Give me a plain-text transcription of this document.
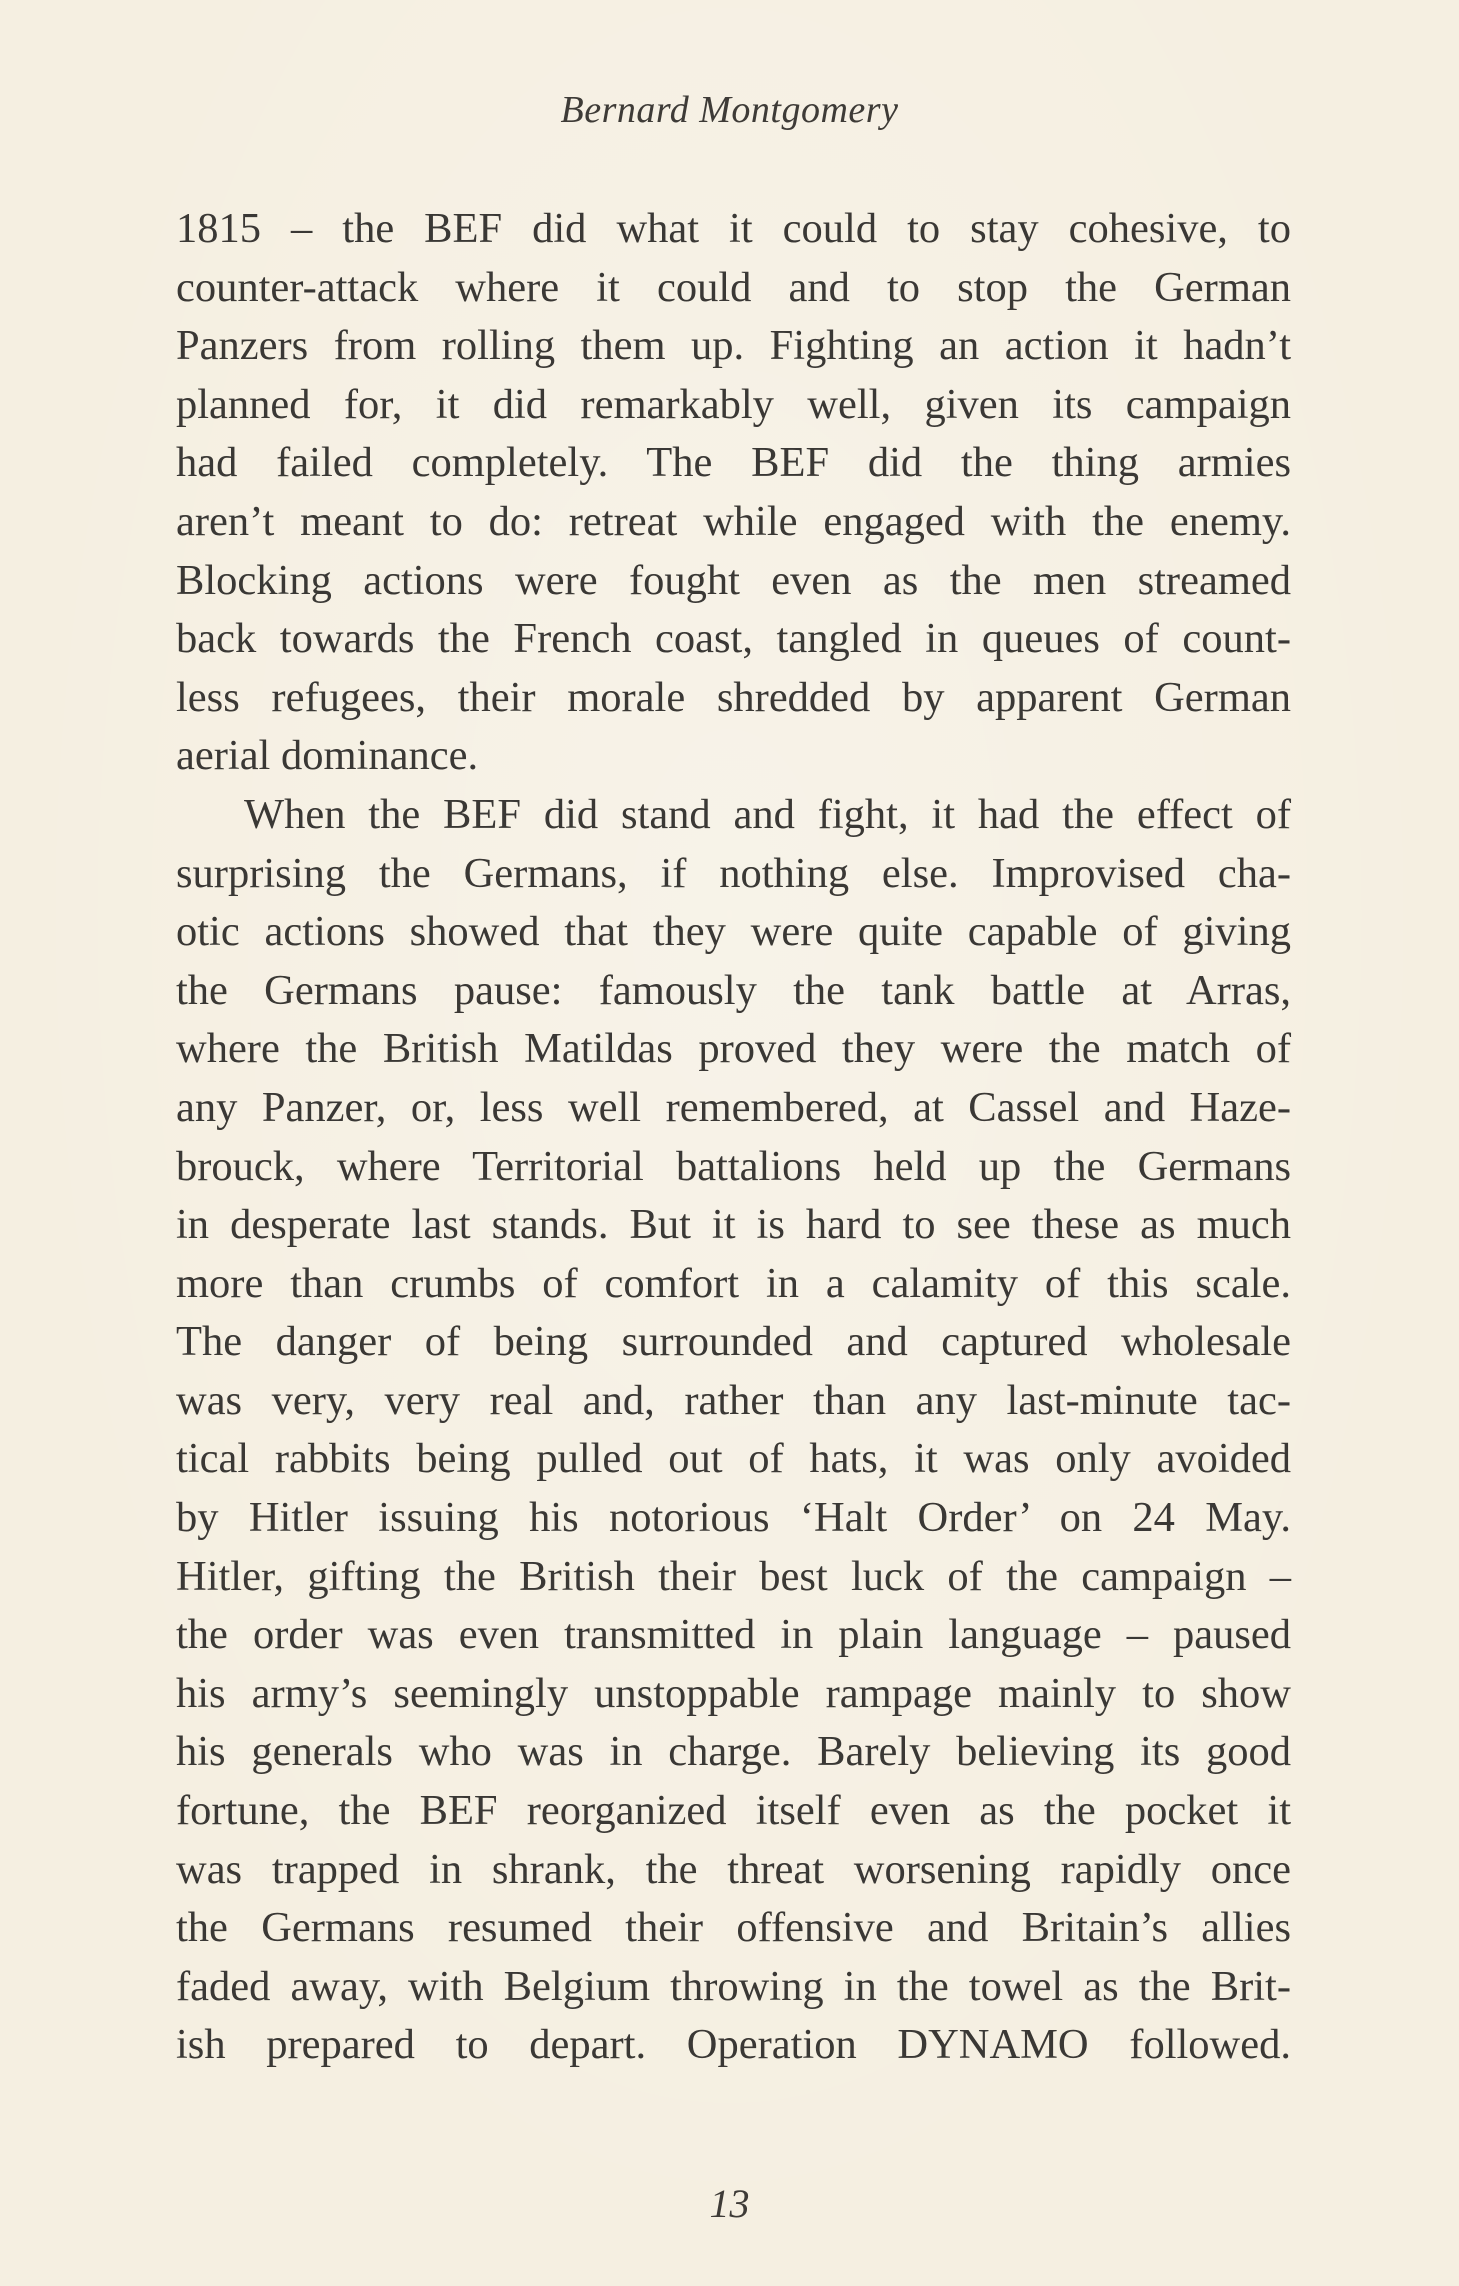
Bernard Montgomery
1815 – the BEF did what it could to stay cohesive, to
counter-attack where it could and to stop the German
Panzers from rolling them up. Fighting an action it hadn’t
planned for, it did remarkably well, given its campaign
had failed completely. The BEF did the thing armies
aren’t meant to do: retreat while engaged with the enemy.
Blocking actions were fought even as the men streamed
back towards the French coast, tangled in queues of count-
less refugees, their morale shredded by apparent German
aerial dominance.
When the BEF did stand and fight, it had the effect of
surprising the Germans, if nothing else. Improvised cha-
otic actions showed that they were quite capable of giving
the Germans pause: famously the tank battle at Arras,
where the British Matildas proved they were the match of
any Panzer, or, less well remembered, at Cassel and Haze-
brouck, where Territorial battalions held up the Germans
in desperate last stands. But it is hard to see these as much
more than crumbs of comfort in a calamity of this scale.
The danger of being surrounded and captured wholesale
was very, very real and, rather than any last-minute tac-
tical rabbits being pulled out of hats, it was only avoided
by Hitler issuing his notorious ‘Halt Order’ on 24 May.
Hitler, gifting the British their best luck of the campaign –
the order was even transmitted in plain language – paused
his army’s seemingly unstoppable rampage mainly to show
his generals who was in charge. Barely believing its good
fortune, the BEF reorganized itself even as the pocket it
was trapped in shrank, the threat worsening rapidly once
the Germans resumed their offensive and Britain’s allies
faded away, with Belgium throwing in the towel as the Brit-
ish prepared to depart. Operation DYNAMO followed.
13
